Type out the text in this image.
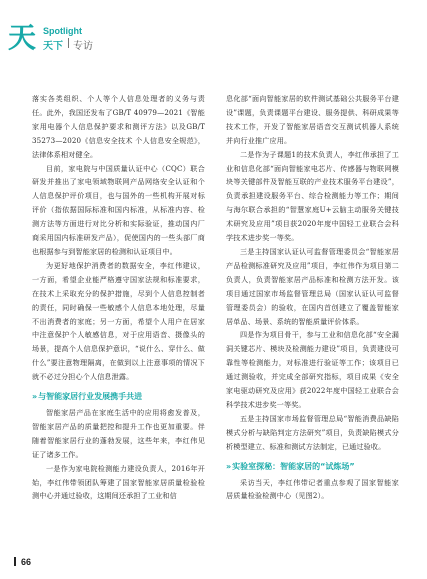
天 Spotlight
天下 专访

落实各类组织、个人等个人信息处理者的义务与责任。此外，我国还发布了GB/T 40979—2021《智能家用电器个人信息保护要求和测评方法》以及GB/T 35273—2020《信息安全技术 个人信息安全规范》，法律体系相对健全。

目前，家电院与中国质量认证中心（CQC）联合研发并推出了家电领域物联网产品网络安全认证和个人信息保护评价项目，也与国外的一些机构开展对标评价（指依据国际标准和国内标准，从标准内容、检测方法等方面进行对比分析和实际验证，推动国内厂商采用国内标准研发产品），促使国内的一些头部厂商也根据参与到智能家居的检测和认证项目中。

为更好地保护消费者的数据安全，李红伟建议，一方面，希望企业能严格遵守国家法规和标准要求，在技术上采取充分的保护措施，尽到个人信息控制者的责任，同时确保一些敏感个人信息本地处理，尽量不出消费者的家庭；另一方面，希望个人用户在居家中注意保护个人敏感信息，对于应用语音、摄像头的场景，提高个人信息保护意识，“说什么、穿什么、做什么”要注意物理隔离，在做到以上注意事项的情况下就不必过分担心个人信息泄露。

» 与智能家居行业发展携手共进

智能家居产品在家庭生活中的应用将愈发普及，智能家居产品的质量把控和提升工作也更加重要。伴随着智能家居行业的蓬勃发展，这些年来，李红伟见证了诸多工作。

一是作为家电院检测能力建设负责人，2016年开始，李红伟带领团队筹建了国家智能家居质量检验检测中心并通过验收，这期间还承担了工业和信

息化部“面向智能家居的软件测试基础公共服务平台建设”课题，负责课题平台建设、服务提供、科研成果等技术工作，开发了智能家居语音交互测试机器人系统并向行业推广应用。

二是作为子课题1的技术负责人，李红伟承担了工业和信息化部“面向智能家电芯片、传感器与物联网模块等关键部件及智能互联的产业技术服务平台建设”，负责承担建设服务平台、综合检测能力等工作；期间与海尔联合承担的“智慧家庭U+云脑主动服务关键技术研究及应用”项目获2020年度中国轻工业联合会科学技术进步奖一等奖。

三是主持国家认证认可监督管理委员会“智能家居产品检测标准研究及应用”项目，李红伟作为项目第二负责人，负责智能家居产品标准和检测方法开发。该项目通过国家市场监督管理总局（国家认证认可监督管理委员会）的验收，在国内首创建立了覆盖智能家居单品、场景、系统的智能质量评价体系。

四是作为项目骨干，参与工业和信息化部“安全漏洞关键芯片、模块及检测能力建设”项目，负责建设可靠性等检测能力，对标准进行验证等工作；该项目已通过测验收，并完成全部研究指标，项目成果《安全家电驱动研究及应用》获2022年度中国轻工业联合会科学技术进步奖一等奖。

五是主持国家市场监督管理总局“智能消费品缺陷模式分析与缺陷判定方法研究”项目，负责缺陷模式分析模型建立、标准和测试方法制定，已通过验收。

» 实验室探秘：智能家居的“试炼场”

采访当天，李红伟带记者重点参观了国家智能家居质量检验检测中心（见图2）。

66
